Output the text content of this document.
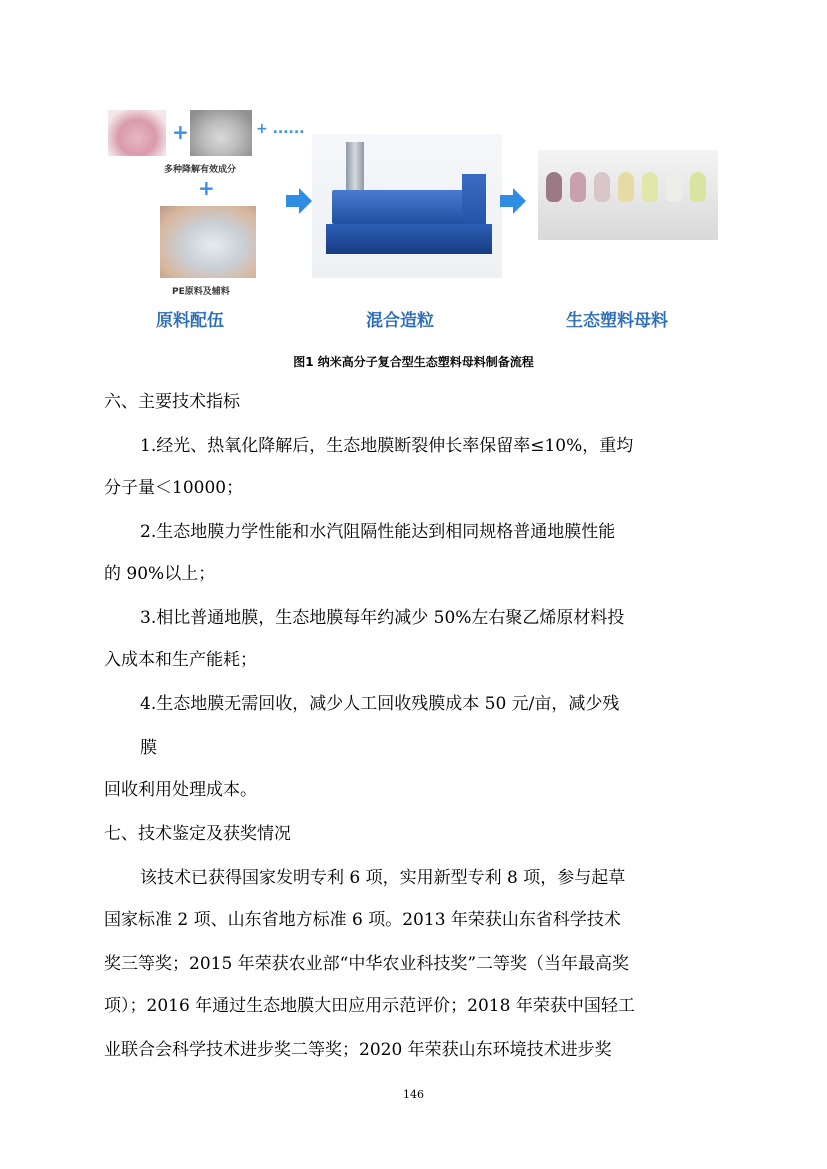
+	+ ......
多种降解有效成分
+
PE原料及辅料
原料配伍	混合造粒	生态塑料母料
图1 纳米高分子复合型生态塑料母料制备流程
六、主要技术指标
1.经光、热氧化降解后，生态地膜断裂伸长率保留率≤10%，重均
分子量＜10000；
2.生态地膜力学性能和水汽阻隔性能达到相同规格普通地膜性能
的 90%以上；
3.相比普通地膜，生态地膜每年约减少 50%左右聚乙烯原材料投
入成本和生产能耗；
4.生态地膜无需回收，减少人工回收残膜成本 50 元/亩，减少残
膜
回收利用处理成本。
七、技术鉴定及获奖情况
该技术已获得国家发明专利 6 项，实用新型专利 8 项，参与起草
国家标准 2 项、山东省地方标准 6 项。2013 年荣获山东省科学技术
奖三等奖；2015 年荣获农业部“中华农业科技奖”二等奖（当年最高奖
项）；2016 年通过生态地膜大田应用示范评价；2018 年荣获中国轻工
业联合会科学技术进步奖二等奖；2020 年荣获山东环境技术进步奖
146
